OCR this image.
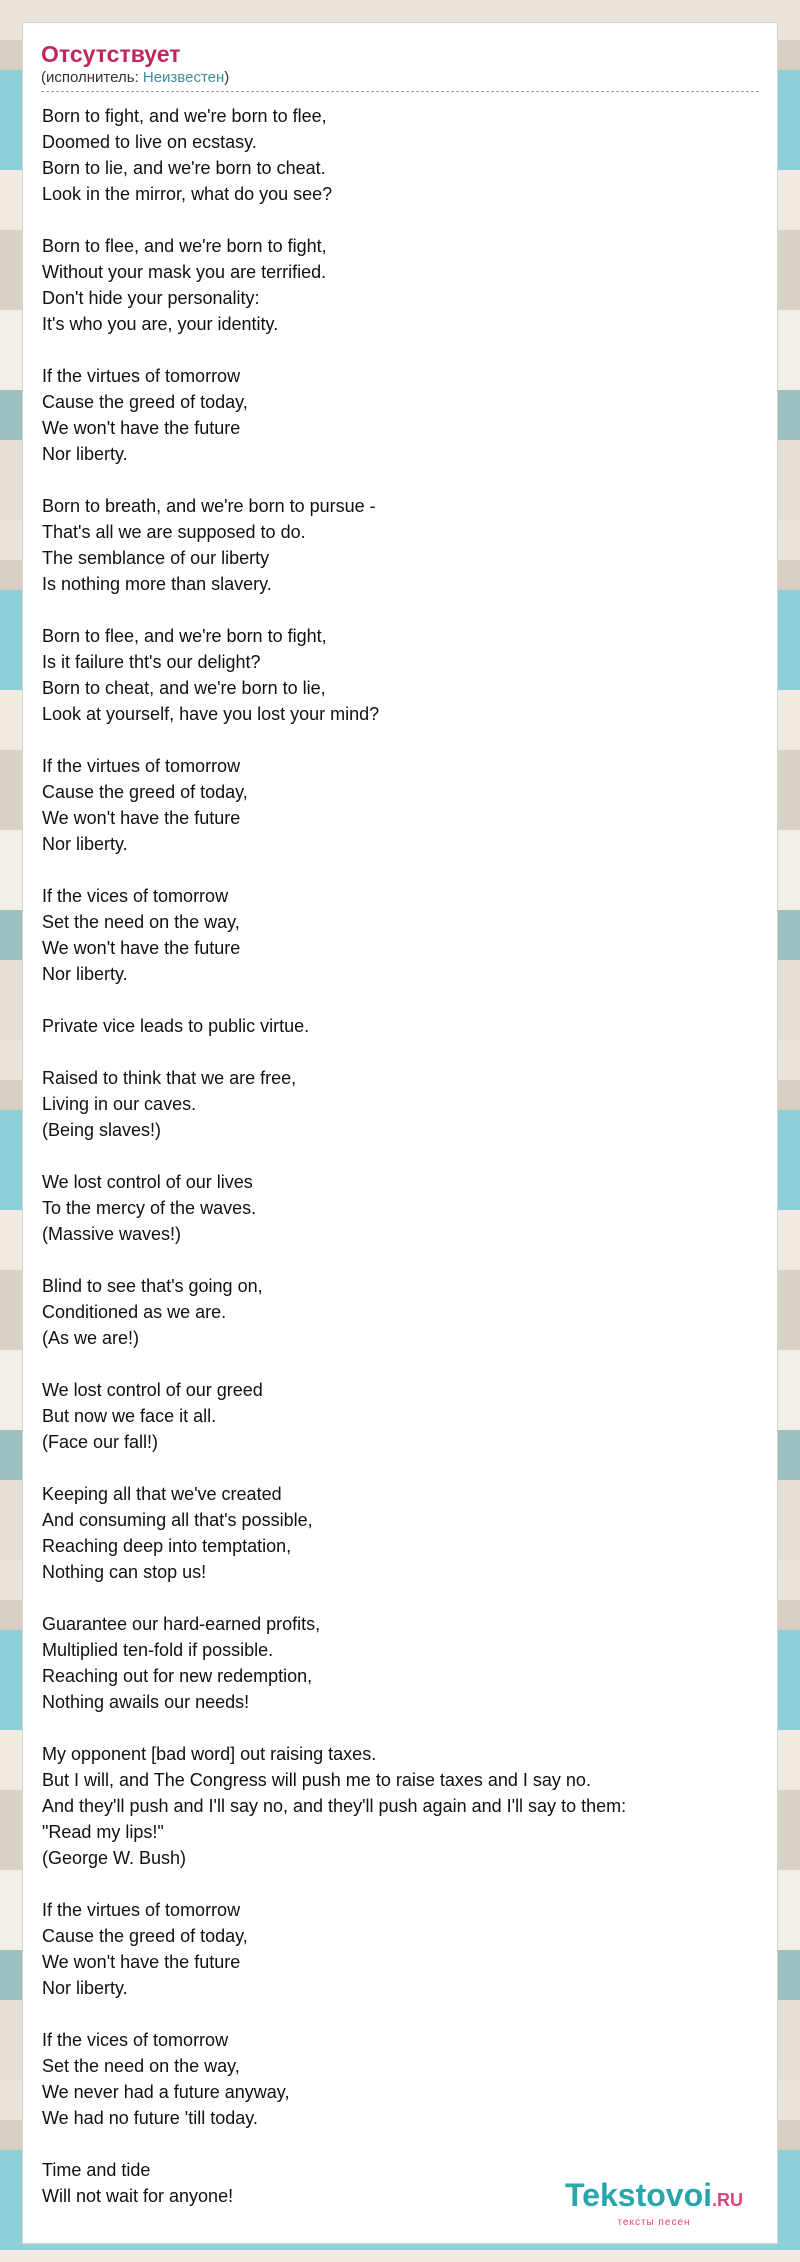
Отсутствует
(исполнитель: Неизвестен)
Born to fight, and we're born to flee,
Doomed to live on ecstasy.
Born to lie, and we're born to cheat.
Look in the mirror, what do you see?

Born to flee, and we're born to fight,
Without your mask you are terrified.
Don't hide your personality:
It's who you are, your identity.

If the virtues of tomorrow
Cause the greed of today,
We won't have the future
Nor liberty.

Born to breath, and we're born to pursue -
That's all we are supposed to do.
The semblance of our liberty
Is nothing more than slavery.

Born to flee, and we're born to fight,
Is it failure tht's our delight?
Born to cheat, and we're born to lie,
Look at yourself, have you lost your mind?

If the virtues of tomorrow
Cause the greed of today,
We won't have the future
Nor liberty.

If the vices of tomorrow
Set the need on the way,
We won't have the future
Nor liberty.

Private vice leads to public virtue.

Raised to think that we are free,
Living in our caves.
(Being slaves!)

We lost control of our lives
To the mercy of the waves.
(Massive waves!)

Blind to see that's going on,
Conditioned as we are.
(As we are!)

We lost control of our greed
But now we face it all.
(Face our fall!)

Keeping all that we've created
And consuming all that's possible,
Reaching deep into temptation,
Nothing can stop us!

Guarantee our hard-earned profits,
Multiplied ten-fold if possible.
Reaching out for new redemption,
Nothing awails our needs!

My opponent [bad word] out raising taxes.
But I will, and The Congress will push me to raise taxes and I say no.
And they'll push and I'll say no, and they'll push again and I'll say to them:
"Read my lips!"
(George W. Bush)

If the virtues of tomorrow
Cause the greed of today,
We won't have the future
Nor liberty.

If the vices of tomorrow
Set the need on the way,
We never had a future anyway,
We had no future 'till today.

Time and tide
Will not wait for anyone!	Tekstovoi.RU
тексты песен
